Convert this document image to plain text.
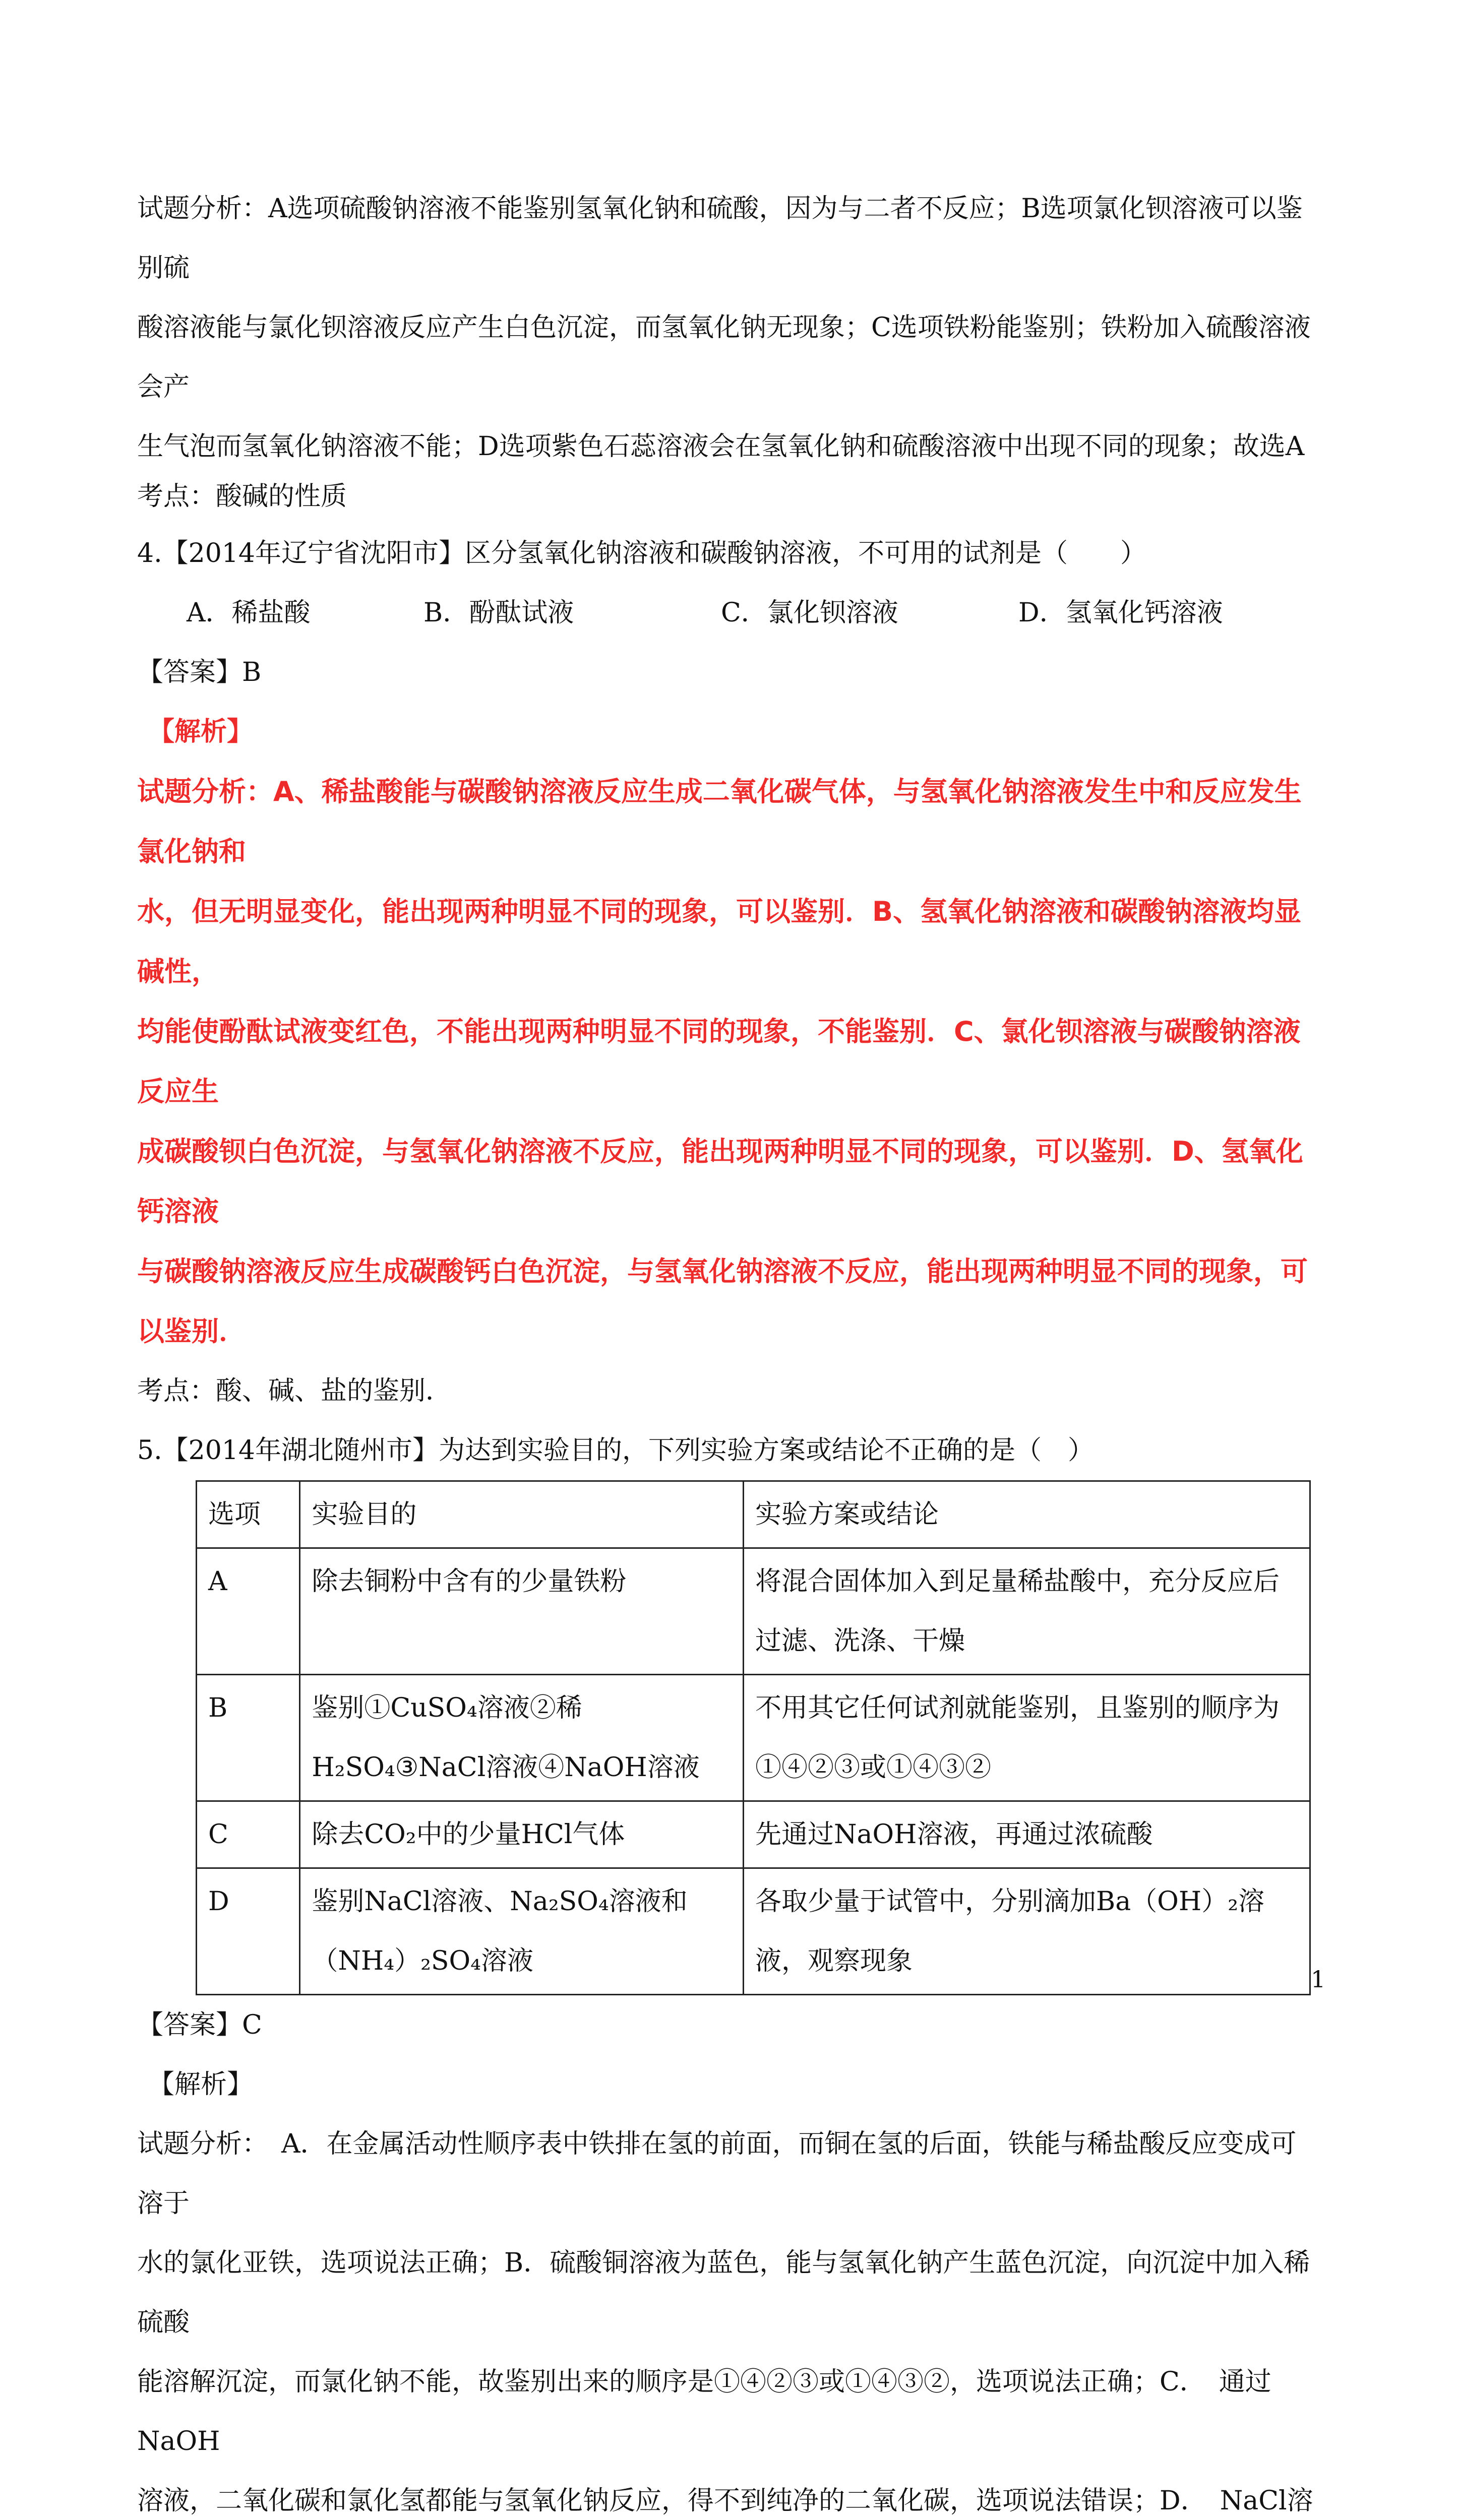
试题分析：A选项硫酸钠溶液不能鉴别氢氧化钠和硫酸，因为与二者不反应；B选项氯化钡溶液可以鉴别硫

酸溶液能与氯化钡溶液反应产生白色沉淀，而氢氧化钠无现象；C选项铁粉能鉴别；铁粉加入硫酸溶液会产

生气泡而氢氧化钠溶液不能；D选项紫色石蕊溶液会在氢氧化钠和硫酸溶液中出现不同的现象；故选A

考点：酸碱的性质

4.【2014年辽宁省沈阳市】区分氢氧化钠溶液和碳酸钠溶液，不可用的试剂是（　　）

A．稀盐酸	B．酚酞试液	C．氯化钡溶液	D．氢氧化钙溶液

【答案】B

【解析】

试题分析：A、稀盐酸能与碳酸钠溶液反应生成二氧化碳气体，与氢氧化钠溶液发生中和反应发生氯化钠和

水，但无明显变化，能出现两种明显不同的现象，可以鉴别．B、氢氧化钠溶液和碳酸钠溶液均显碱性，

均能使酚酞试液变红色，不能出现两种明显不同的现象，不能鉴别．C、氯化钡溶液与碳酸钠溶液反应生

成碳酸钡白色沉淀，与氢氧化钠溶液不反应，能出现两种明显不同的现象，可以鉴别．D、氢氧化钙溶液

与碳酸钠溶液反应生成碳酸钙白色沉淀，与氢氧化钠溶液不反应，能出现两种明显不同的现象，可以鉴别．

考点：酸、碱、盐的鉴别．

5.【2014年湖北随州市】为达到实验目的，下列实验方案或结论不正确的是（　）

选项	实验目的	实验方案或结论
A	除去铜粉中含有的少量铁粉	将混合固体加入到足量稀盐酸中，充分反应后过滤、洗涤、干燥
B	鉴别①CuSO₄溶液②稀H₂SO₄③NaCl溶液④NaOH溶液	不用其它任何试剂就能鉴别，且鉴别的顺序为①④②③或①④③②
C	除去CO₂中的少量HCl气体	先通过NaOH溶液，再通过浓硫酸
D	鉴别NaCl溶液、Na₂SO₄溶液和（NH₄）₂SO₄溶液	各取少量于试管中，分别滴加Ba（OH）₂溶液，观察现象

【答案】C

【解析】

试题分析：　A．在金属活动性顺序表中铁排在氢的前面，而铜在氢的后面，铁能与稀盐酸反应变成可溶于

水的氯化亚铁，选项说法正确；B．硫酸铜溶液为蓝色，能与氢氧化钠产生蓝色沉淀，向沉淀中加入稀硫酸

能溶解沉淀，而氯化钠不能，故鉴别出来的顺序是①④②③或①④③②，选项说法正确；C．　通过NaOH

溶液，二氧化碳和氯化氢都能与氢氧化钠反应，得不到纯净的二氧化碳，选项说法错误；D．　NaCl溶

1
